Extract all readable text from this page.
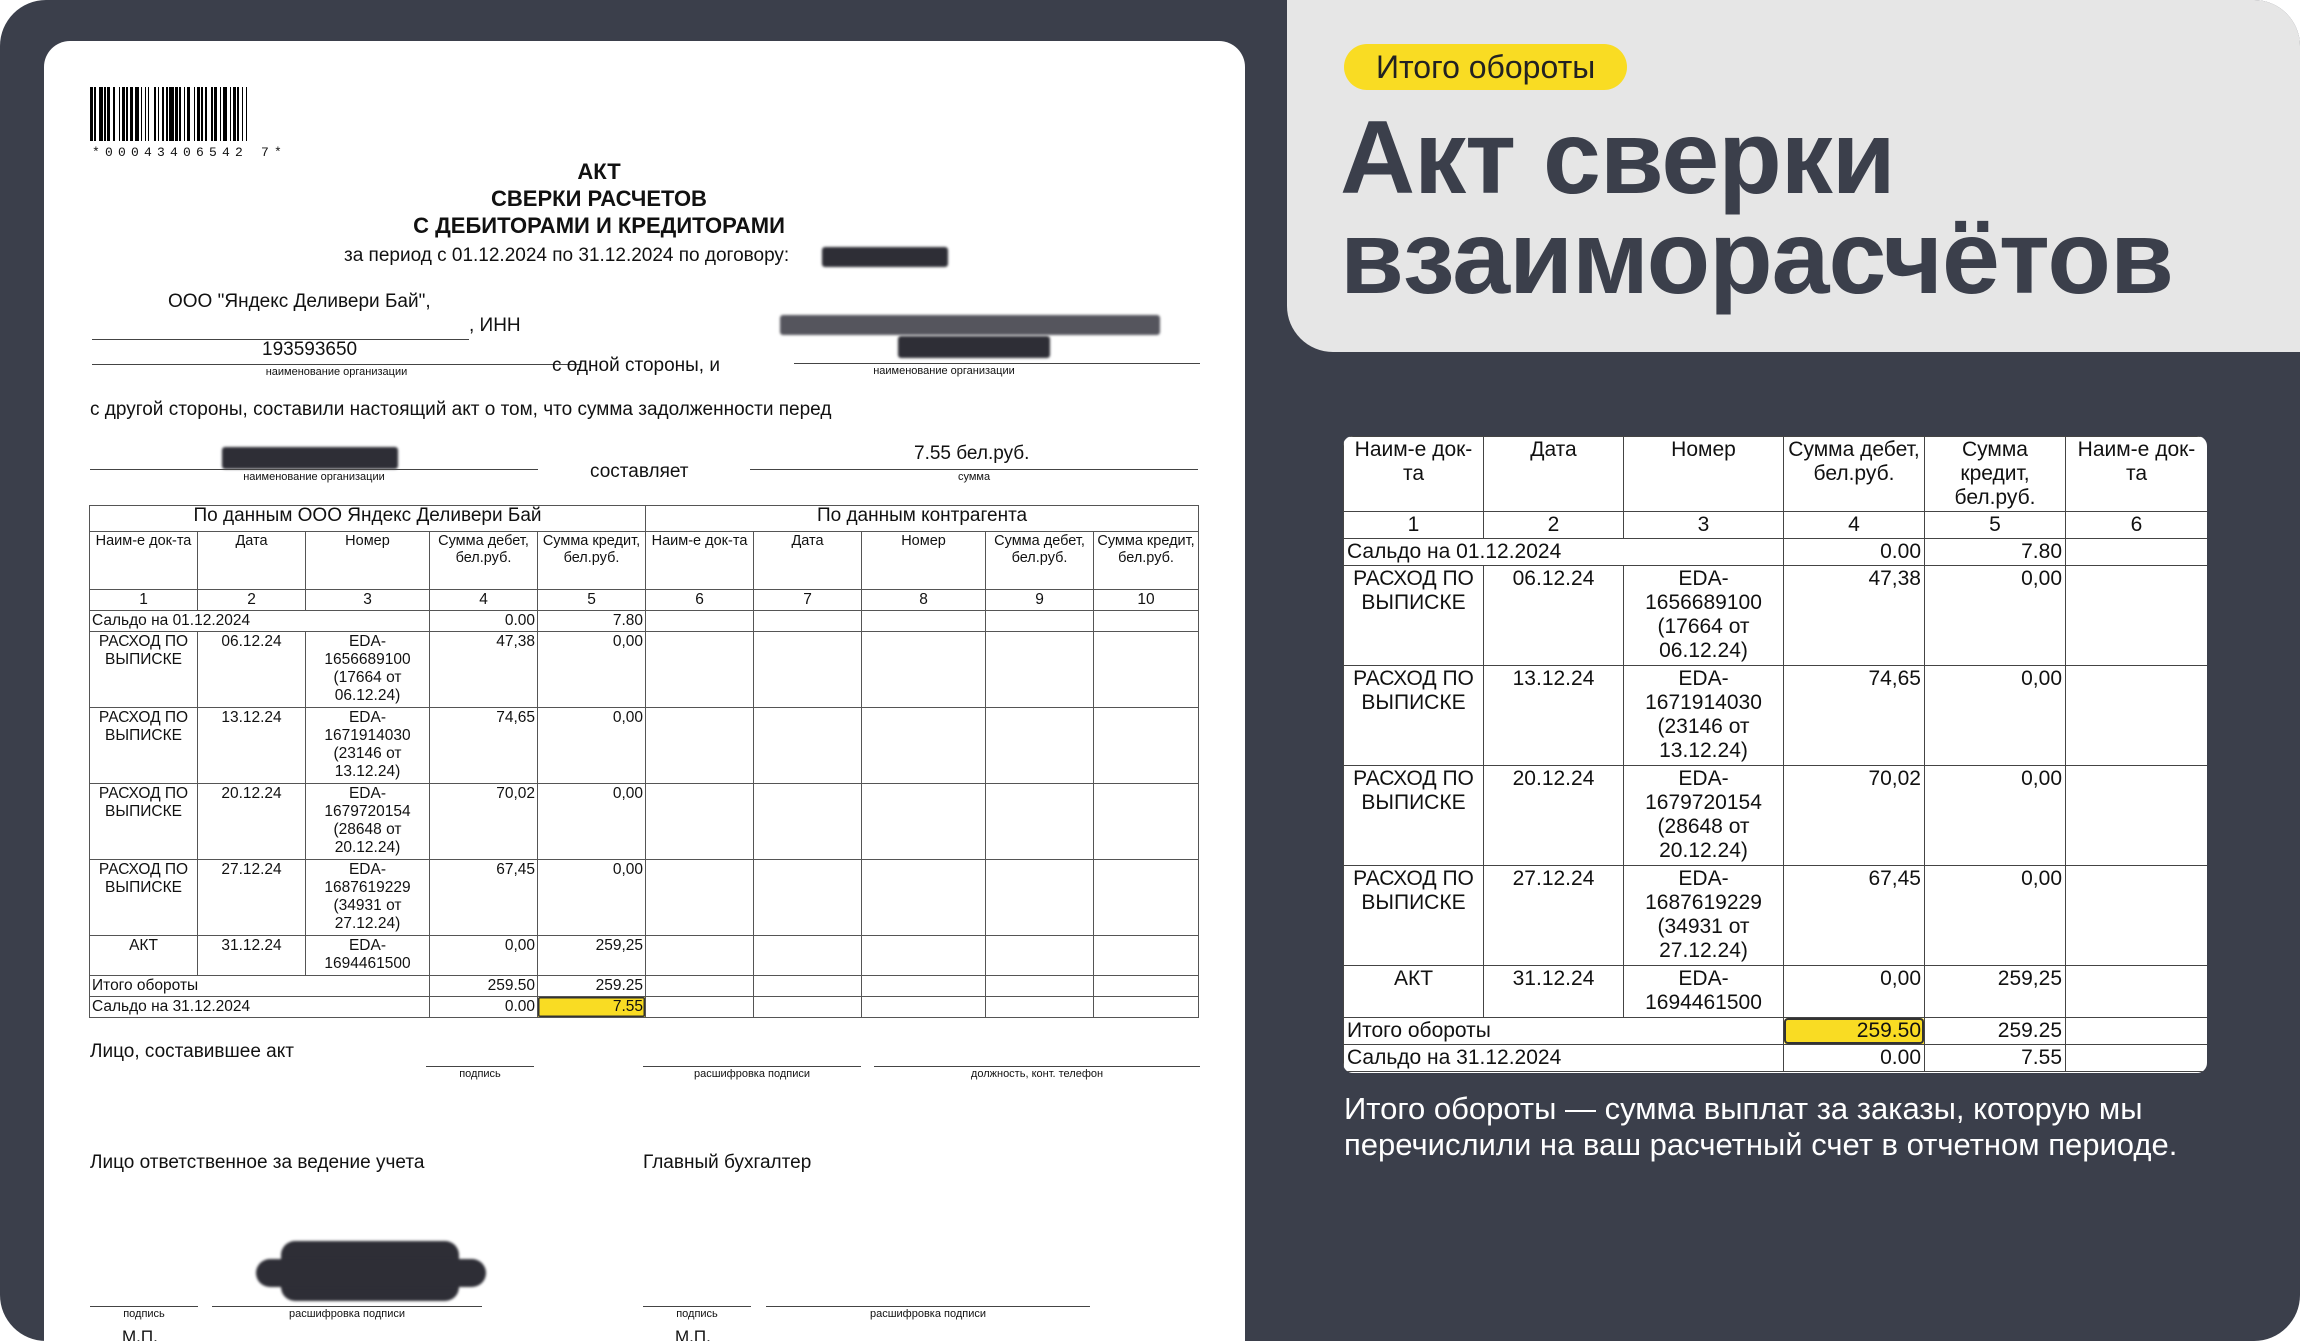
*00043406542 7*
АКТ
СВЕРКИ РАСЧЕТОВ
С ДЕБИТОРАМИ И КРЕДИТОРАМИ
за период с 01.12.2024 по 31.12.2024 по договору:
ООО "Яндекс Деливери Бай",
, ИНН
193593650
наименование организации	с одной стороны, и	наименование организации
с другой стороны, составили настоящий акт о том, что сумма задолженности перед
наименование организации	составляет
7.55 бел.руб.
сумма
По данным ООО Яндекс Деливери Бай					По данным контрагента				
Наим-е док-та	Дата	Номер	Сумма дебет, бел.руб.	Сумма кредит, бел.руб.	Наим-е док-та	Дата	Номер	Сумма дебет, бел.руб.	Сумма кредит, бел.руб.
1	2	3	4	5	6	7	8	9	10
Сальдо на 01.12.2024			0.00	7.80					
РАСХОД ПО ВЫПИСКЕ	06.12.24	EDA-1656689100 (17664 от 06.12.24)	47,38	0,00					
РАСХОД ПО ВЫПИСКЕ	13.12.24	EDA-1671914030 (23146 от 13.12.24)	74,65	0,00					
РАСХОД ПО ВЫПИСКЕ	20.12.24	EDA-1679720154 (28648 от 20.12.24)	70,02	0,00					
РАСХОД ПО ВЫПИСКЕ	27.12.24	EDA-1687619229 (34931 от 27.12.24)	67,45	0,00					
АКТ	31.12.24	EDA-1694461500	0,00	259,25					
Итого обороты			259.50	259.25					
Сальдо на 31.12.2024			0.00	7.55					
Лицо, составившее акт
подпись	расшифровка подписи	должность, конт. телефон
Лицо ответственное за ведение учета	Главный бухгалтер
подпись	расшифровка подписи	подпись	расшифровка подписи
М.П.	М.П.
Итого обороты
Акт сверки
взаиморасчётов
Наим-е док-та	Дата	Номер	Сумма дебет, бел.руб.	Сумма кредит, бел.руб.	Наим-е док-та
1	2	3	4	5	6
Сальдо на 01.12.2024			0.00	7.80	
РАСХОД ПО ВЫПИСКЕ	06.12.24	EDA-1656689100 (17664 от 06.12.24)	47,38	0,00	
РАСХОД ПО ВЫПИСКЕ	13.12.24	EDA-1671914030 (23146 от 13.12.24)	74,65	0,00	
РАСХОД ПО ВЫПИСКЕ	20.12.24	EDA-1679720154 (28648 от 20.12.24)	70,02	0,00	
РАСХОД ПО ВЫПИСКЕ	27.12.24	EDA-1687619229 (34931 от 27.12.24)	67,45	0,00	
АКТ	31.12.24	EDA-1694461500	0,00	259,25	
Итого обороты			259.50	259.25	
Сальдо на 31.12.2024			0.00	7.55	
Итого обороты — сумма выплат за заказы, которую мы перечислили на ваш расчетный счет в отчетном периоде.
